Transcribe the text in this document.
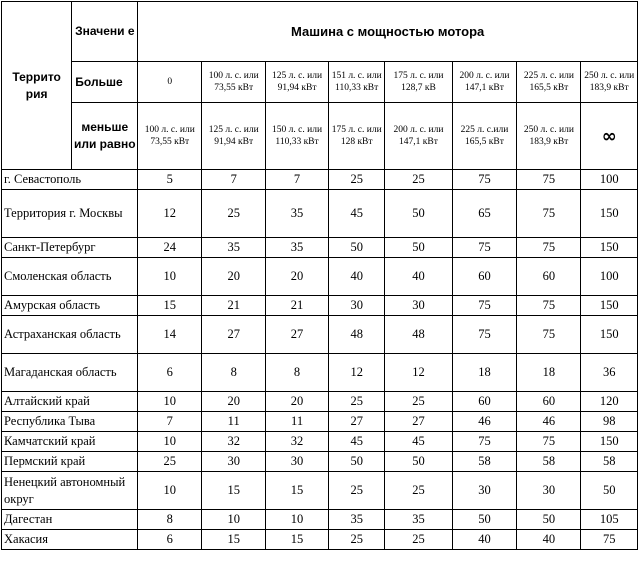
Террито рия	Значени е	Машина с мощностью мотора							
	Больше	0	100 л. с. или 73,55 кВт	125 л. с. или 91,94 кВт	151 л. с. или 110,33 кВт	175 л. с. или 128,7 кВ	200 л. с. или 147,1 кВт	225 л. с. или 165,5 кВт	250 л. с. или 183,9 кВт
	меньше или равно	100 л. с. или 73,55 кВт	125 л. с. или 91,94 кВт	150 л. с. или 110,33 кВт	175 л. с. или 128 кВт	200 л. с. или 147,1 кВт	225 л. с.или 165,5 кВт	250 л. с. или 183,9 кВт	∞
г. Севастополь		5	7	7	25	25	75	75	100
Территория г. Москвы		12	25	35	45	50	65	75	150
Санкт-Петербург		24	35	35	50	50	75	75	150
Смоленская область		10	20	20	40	40	60	60	100
Амурская область		15	21	21	30	30	75	75	150
Астраханская область		14	27	27	48	48	75	75	150
Магаданская область		6	8	8	12	12	18	18	36
Алтайский край		10	20	20	25	25	60	60	120
Республика Тыва		7	11	11	27	27	46	46	98
Камчатский край		10	32	32	45	45	75	75	150
Пермский край		25	30	30	50	50	58	58	58
Ненецкий автономный округ		10	15	15	25	25	30	30	50
Дагестан		8	10	10	35	35	50	50	105
Хакасия		6	15	15	25	25	40	40	75
